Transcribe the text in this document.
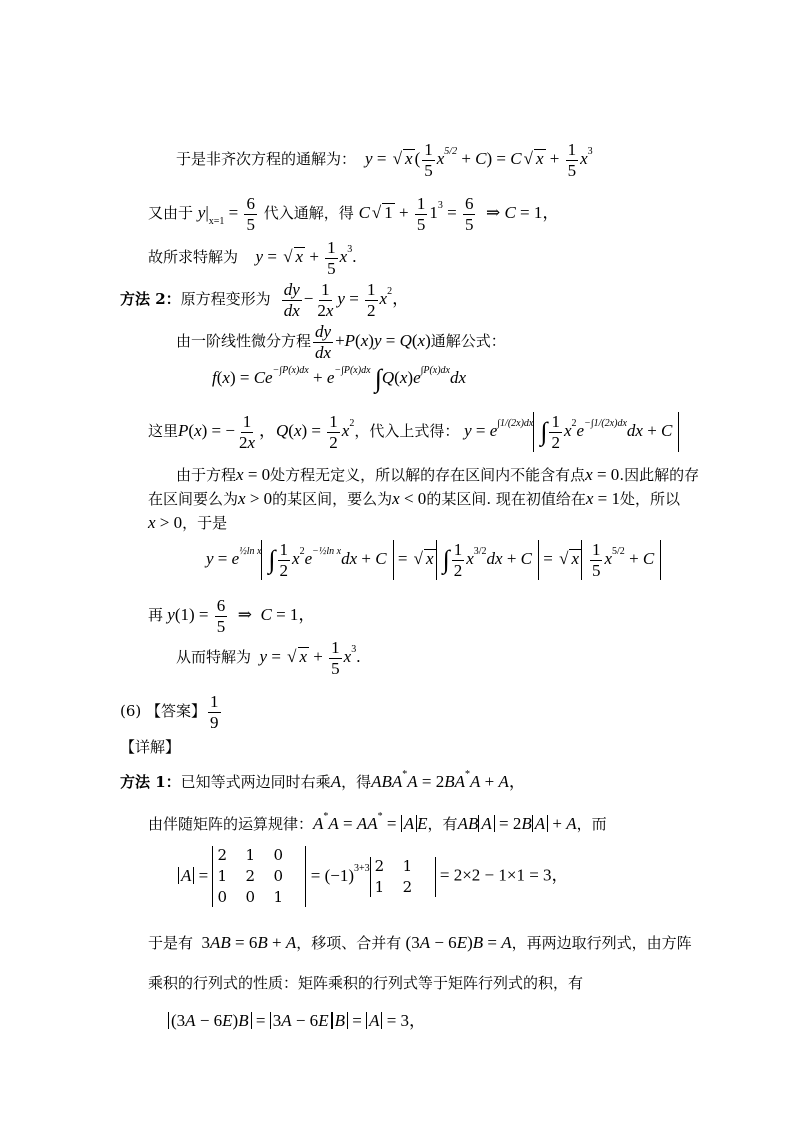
于是非齐次方程的通解为：  y = √ x ( $\frac{1}{5} x^{5/2} + C) = C$ √ $x + \frac{1}{5} x^3$
又由于 $y|_{x=1} = \frac{6}{5}$ 代入通解，得 C √ $1 + \frac{1}{5} 1^3 = \frac{6}{5}$ ⇒ C = 1，
故所求特解为    y = √ $x + \frac{1}{5} x^3$.
方法 2：原方程变形为 $\frac{dy}{dx} - \frac{1}{2x}$ $y = \frac{1}{2} x^2$，
由一阶线性微分方程 $\frac{dy}{dx} +P(x)y = Q(x)$通解公式：
$f(x) = Ce^{-\int P(x)dx} + e^{-\int P(x)dx}$ $\int Q(x)e^{\int P(x)dx}dx$
这里P(x) = − $\frac{1}{2x}$ ，$Q(x) = \frac{1}{2} x^2$，代入上式得： $y = e^{\int 1/(2x)dx}$ ∫ $\frac{1}{2} x^2e^{-\int 1/(2x)dx}dx + C$
由于方程x = 0处方程无定义，所以解的存在区间内不能含有点x = 0.因此解的存
在区间要么为x > 0的某区间，要么为x < 0的某区间. 现在初值给在x = 1处，所以
x > 0，于是
$y = e^{\frac{1}{2}ln x}$ ∫ $\frac{1}{2} x^2e^{-\frac{1}{2}ln x}dx + C$ = √ x ∫ $\frac{1}{2} x^{3/2}dx + C$ = √ x $\frac{1}{5} x^{5/2} + C$
再 $y(1) = \frac{6}{5}$ ⇒  C = 1，
从而特解为  y = √ $x + \frac{1}{5} x^3$.
(6) 【答案】 $\frac{1}{9}$
【详解】
方法 1：已知等式两边同时右乘A，得ABA*A = 2BA*A + A，
由伴随矩阵的运算规律：A*A = AA* = A E，有AB A = 2B A + A，而
A =
2	1	0
1	2	0
0	0	1
= $(-1)^{3+3}$ 2	1
1	2
= 2×2 − 1×1 = 3，
于是有 3AB = 6B + A，移项、合并有 (3A − 6E)B = A，再两边取行列式，由方阵
乘积的行列式的性质：矩阵乘积的行列式等于矩阵行列式的积，有
(3A − 6E)B = 3A − 6E B = A = 3，
